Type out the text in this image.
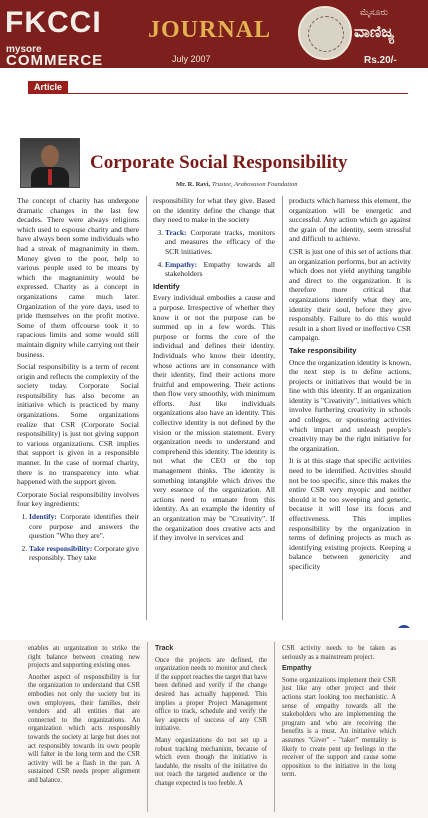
FKCCI JOURNAL
mysore
COMMERCE	July 2007
ಮೈಸೂರು
ವಾಣಿಜ್ಯ
Rs.20/-
Article
Corporate Social Responsibility
Mr. R. Ravi, Trustee, Arabovason Foundation

The concept of charity has undergone dramatic changes in the last few decades. There were always religions which used to espouse charity and there have always been some individuals who had a streak of magnanimity in them. Money given to the poor, help to various people used to be means by which the magnanimity would be expressed. Charity as a concept in organizations came much later. Organization of the yore days, used to pride themselves on the profit motive. Some of them offcourse took it to rapacious limits and some would still maintain dignity while carrying out their business.

Social responsibility is a term of recent origin and reflects the complexity of the society today. Corporate Social responsibility has also become an initiative which is practiced by many organizations. Some organizations realize that CSR (Corporate Social responsibility) is just not giving support to various organizations. CSR implies that support is given in a responsible manner. In the case of normal charity, there is no transparency into what happened with the support given.

Corporate Social responsibility involves four key ingredients:

1. Identify: Corporate identifies their core purpose and answers the question "Who they are".
2. Take responsibility: Corporate give responsibly. They take

responsibility for what they give. Based on the identity define the change that they need to make in the society

3. Track: Corporate tracks, monitors and measures the efficacy of the SCR initiatives.
4. Empathy: Empathy towards all stakeholders
Identify

Every individual embodies a cause and a purpose. Irrespective of whether they know it or not the purpose can be summed up in a few words. This purpose or forms the core of the individual and defines their identity. Individuals who know their identity, whose actions are in consonance with their identity, find their actions more fruitful and empowering. Their actions then flow very smoothly, with minimum efforts. Just like individuals organizations also have an identity. This collective identity is not defined by the vision or the mission statement. Every organization needs to understand and comprehend this identity. The identity is not what the CEO or the top management thinks. The identity is something intangible which drives the very essence of the organization. All actions need to emanate from this identity. As an example the identity of an organization may be "Creativity". If the organization does creative acts and if they involve in services and

products which harness this element, the organization will be energetic and successful. Any action which go against the grain of the identity, seem stressful and difficult to achieve.

CSR is just one of this set of actions that an organization performs, but an activity which does not yield anything tangible and direct to the organization. It is therefore more critical that organizations identify what they are, identity their soul, before they give responsibly. Failure to do this would result in a short lived or ineffective CSR campaign.

Take responsibility

Once the organization identity is known, the next step is to define actions, projects or initiatives that would be in line with this identity. If an organization identity is "Creativity", initiatives which involve furthering creativity in schools and colleges, or sponsoring activities which impart and unleash people's creativity may be the right initiative for the organization.

It is at this stage that specific activities need to be identified. Activities should not be too specific, since this makes the entire CSR very myopic and neither should it be too sweeping and generic, because it will lose its focus and effectiveness. This implies responsibility by the organization in terms of defining projects as much as identifying existing projects. Keeping a balance between genericity and specificity

enables an organization to strike the right balance between creating new projects and supporting existing ones.

Another aspect of responsibility is for the organization to understand that CSR embodies not only the society but its own employees, their families, their vendors and all entities that are connected to the organizations. An organization which acts responsibly towards the society at large but does not act responsibly towards its own people will falter in the long term and the CSR activity will be a flash in the pan. A sustained CSR needs proper alignment and balance.

Track

Once the projects are defined, the organization needs to monitor and check if the support reaches the target that have been defined and verify if the change desired has actually happened. This implies a proper Project Management office to track, schedule and verify the key aspects of success of any CSR initiative.

Many organizations do not set up a robust tracking mechanism, because of which even though the initiative is laudable, the results of the initiative do not reach the targeted audience or the change expected is too feeble. A

CSR activity needs to be taken as seriously as a mainstream project.

Empathy

Some organizations implement their CSR just like any other project and their actions start looking too mechanistic. A sense of empathy towards all the stakeholders who are implementing the program and who are receiving the benefits is a must. An initiative which assumes "Giver" - "taker" mentality is likely to create pent up feelings in the receiver of the support and cause some opposition to the initiative in the long term.
